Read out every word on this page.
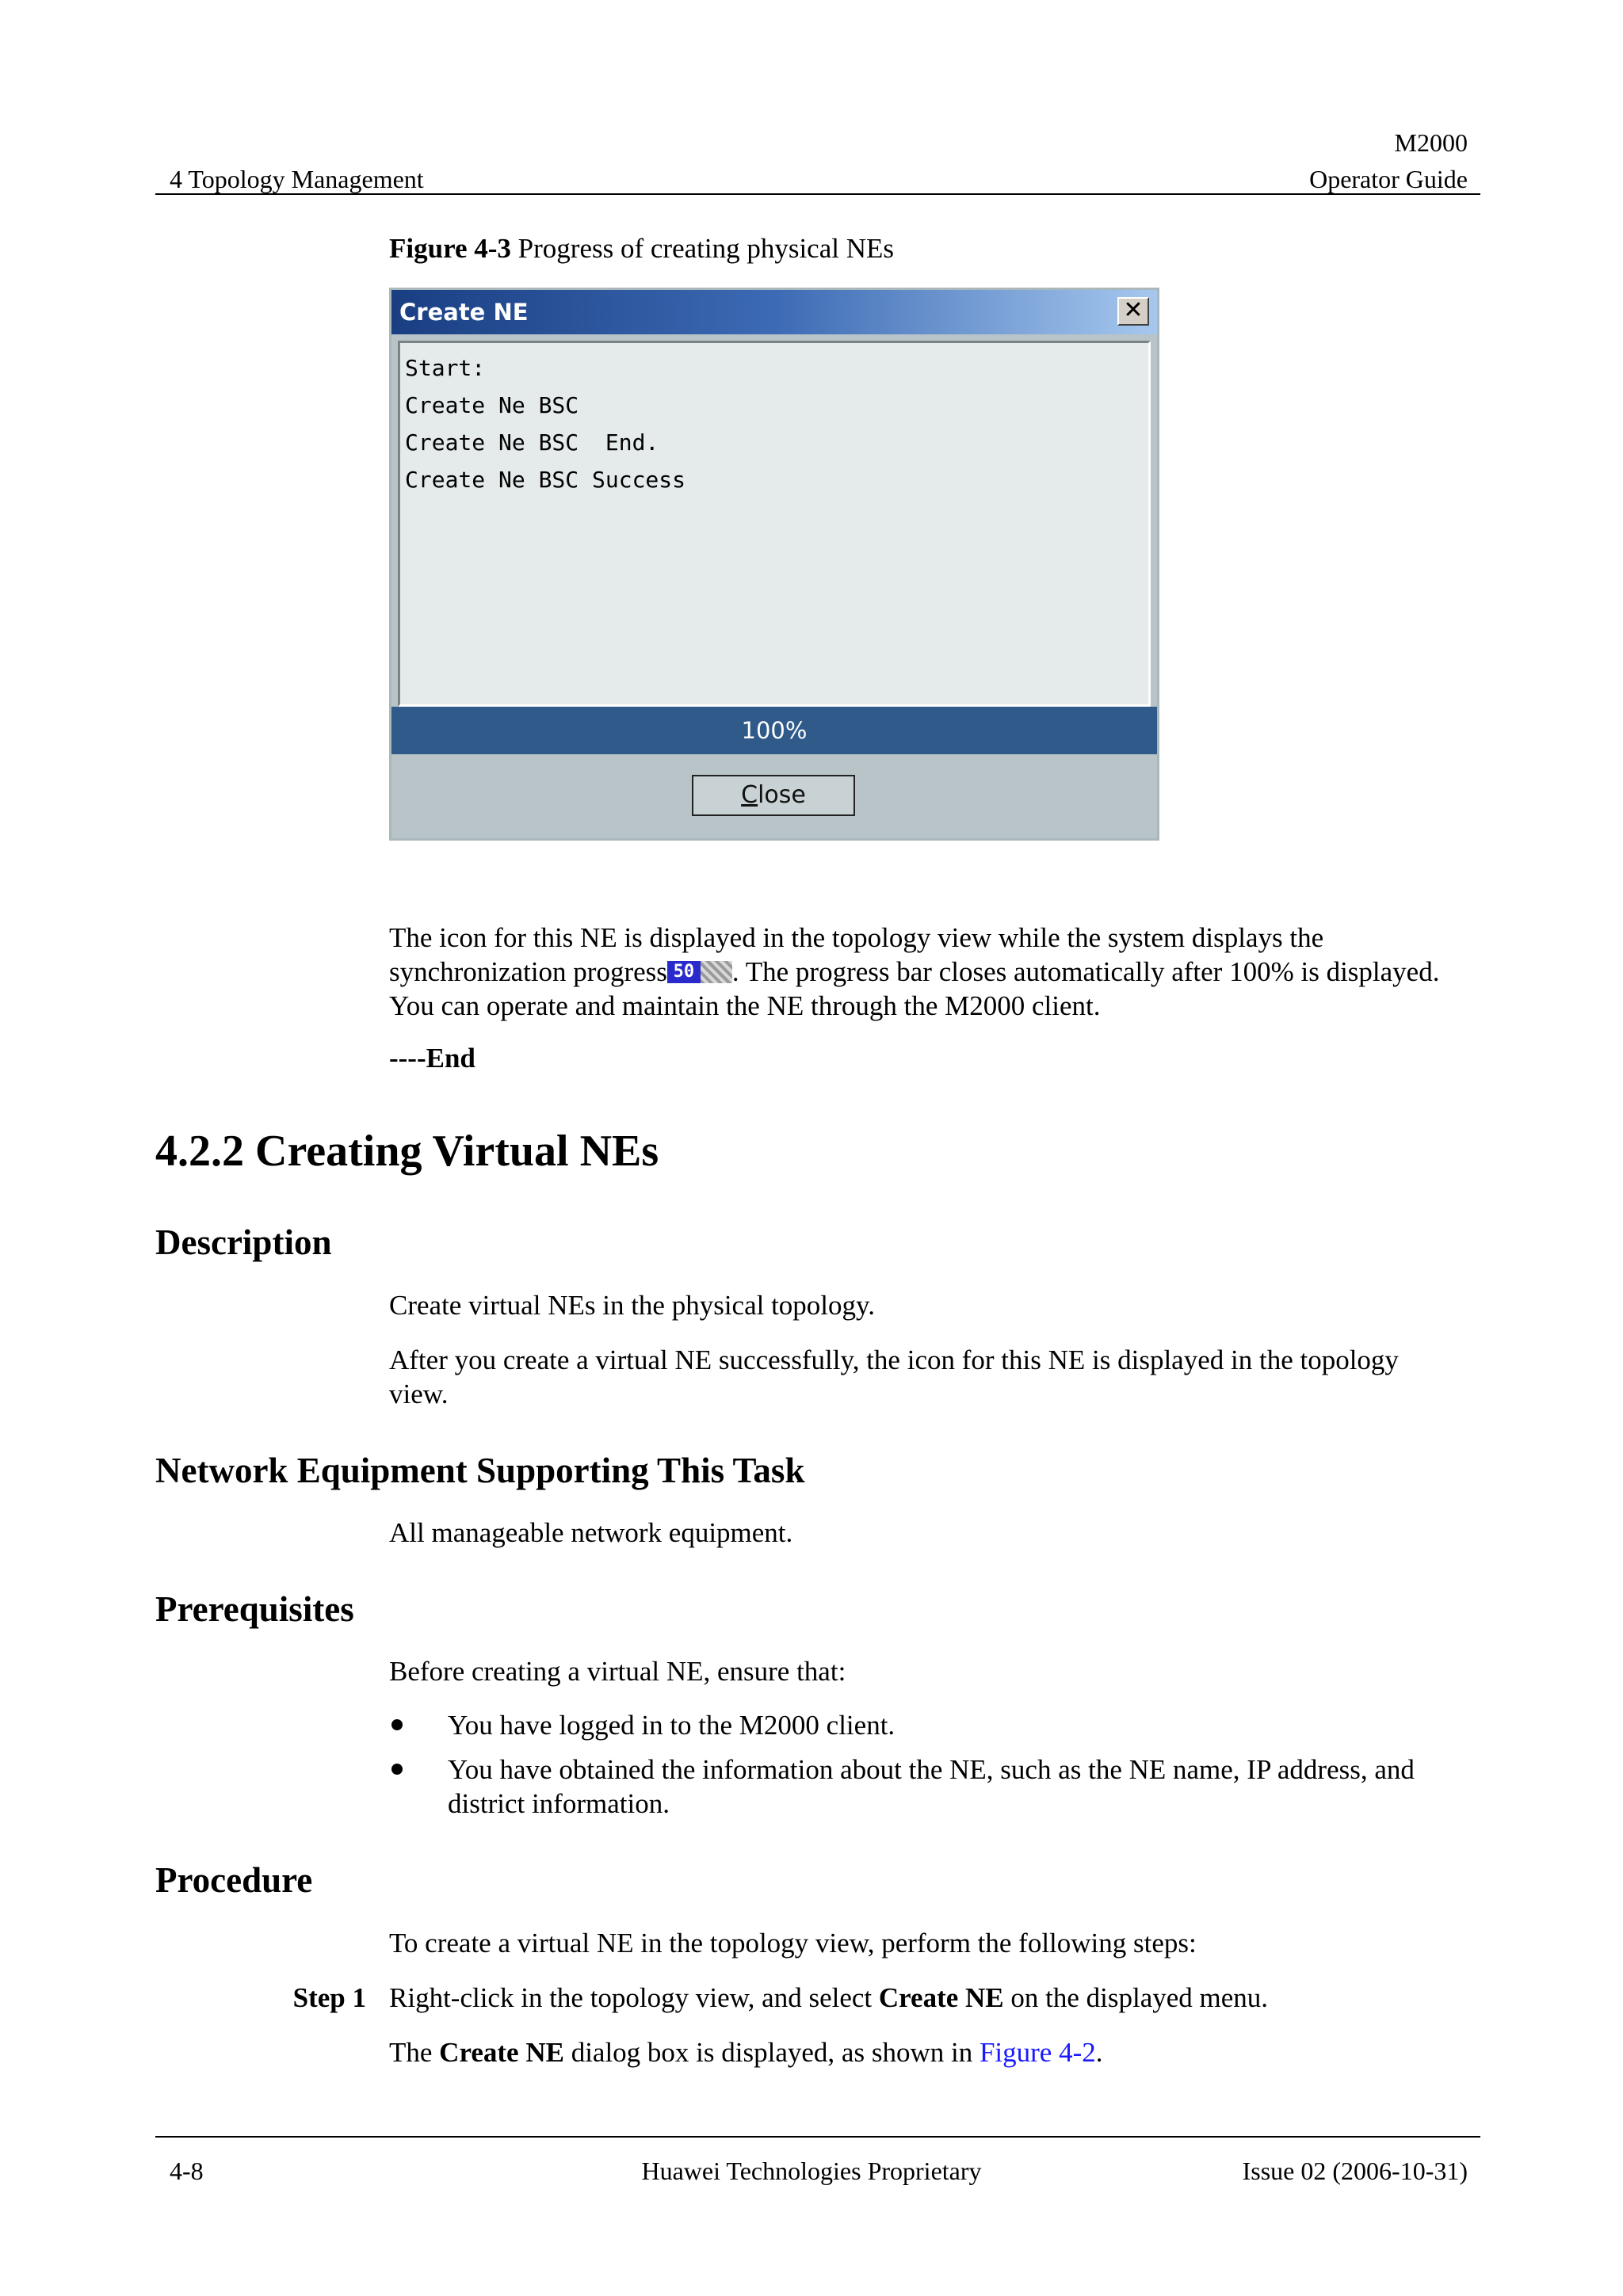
M2000
4 Topology Management	Operator Guide
Figure 4-3 Progress of creating physical NEs
Create NE	✕
Start:
Create Ne BSC
Create Ne BSC  End.
Create Ne BSC Success
100%
Close
The icon for this NE is displayed in the topology view while the system displays the
synchronization progress 50 . The progress bar closes automatically after 100% is displayed.
You can operate and maintain the NE through the M2000 client.
----End
4.2.2 Creating Virtual NEs
Description
Create virtual NEs in the physical topology.
After you create a virtual NE successfully, the icon for this NE is displayed in the topology
view.
Network Equipment Supporting This Task
All manageable network equipment.
Prerequisites
Before creating a virtual NE, ensure that:
You have logged in to the M2000 client.
You have obtained the information about the NE, such as the NE name, IP address, and
district information.
Procedure
To create a virtual NE in the topology view, perform the following steps:
Step 1 Right-click in the topology view, and select Create NE on the displayed menu.
The Create NE dialog box is displayed, as shown in Figure 4-2.
4-8	Huawei Technologies Proprietary	Issue 02 (2006-10-31)
